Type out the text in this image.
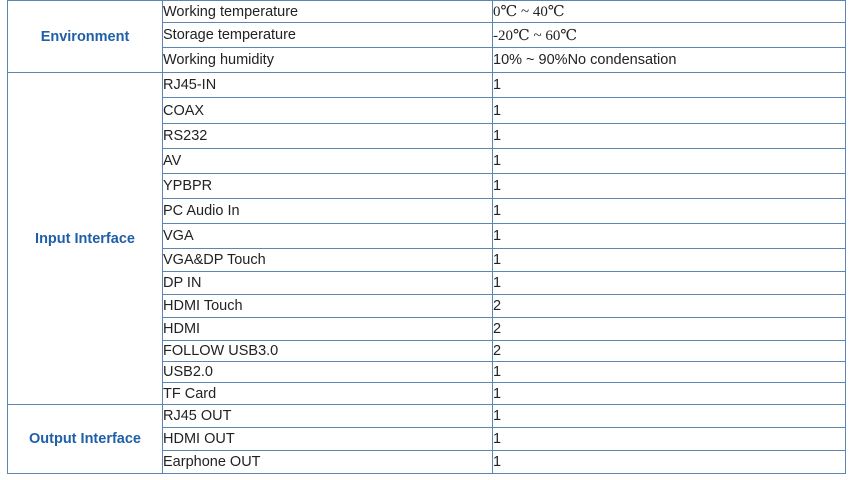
Environment	Working temperature	0℃ ~ 40℃
	Storage temperature	-20℃ ~ 60℃
	Working humidity	10% ~ 90%No condensation
Input Interface	RJ45-IN	1
	COAX	1
	RS232	1
	AV	1
	YPBPR	1
	PC Audio In	1
	VGA	1
	VGA&DP Touch	1
	DP IN	1
	HDMI Touch	2
	HDMI	2
	FOLLOW USB3.0	2
	USB2.0	1
	TF Card	1
Output Interface	RJ45 OUT	1
	HDMI OUT	1
	Earphone OUT	1
